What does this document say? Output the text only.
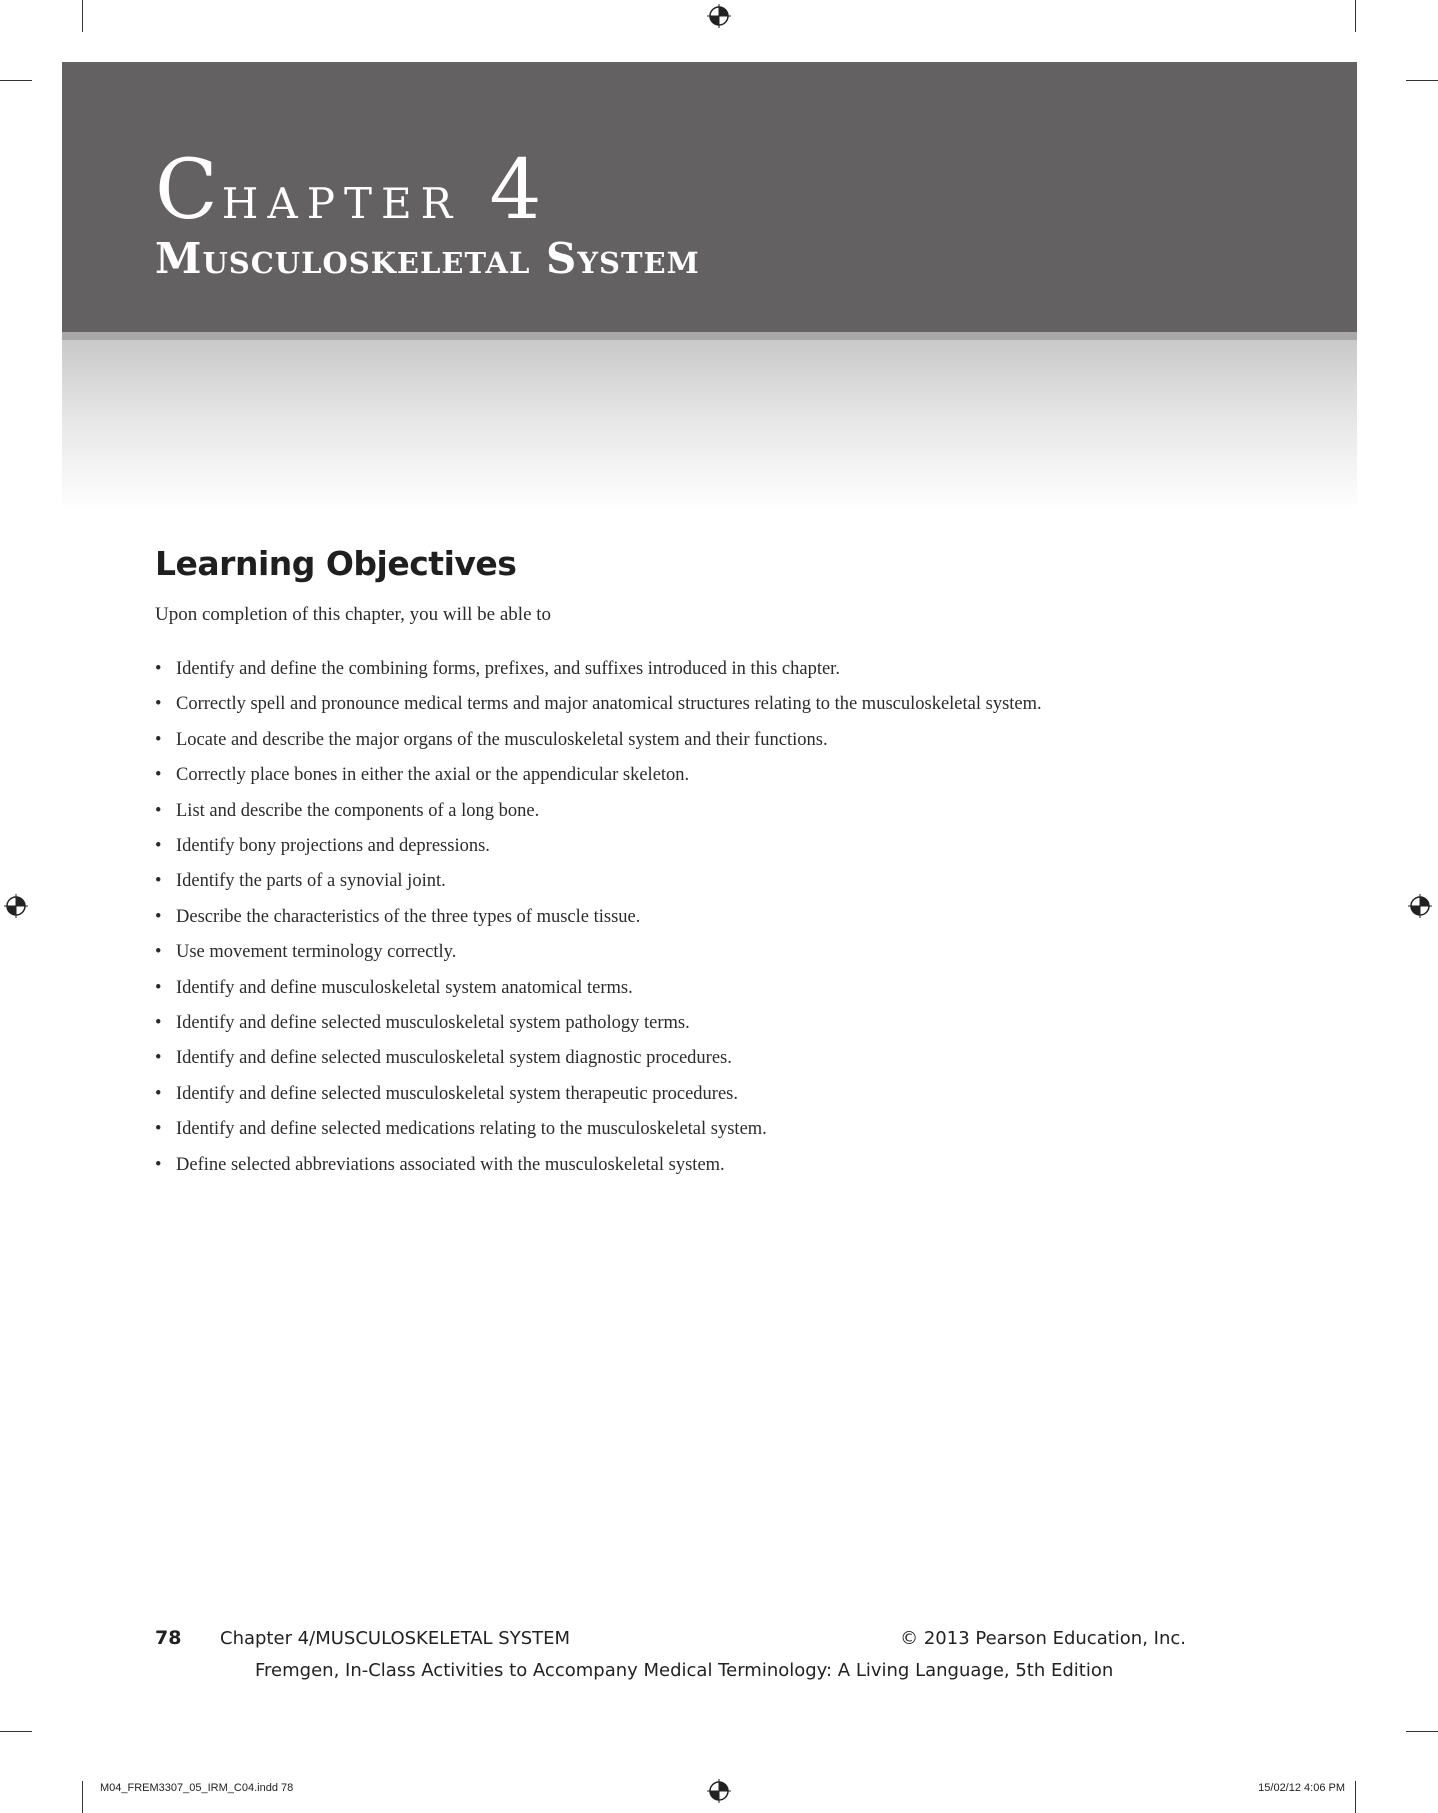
Chapter 4
Musculoskeletal System
Learning Objectives

Upon completion of this chapter, you will be able to

• Identify and define the combining forms, prefixes, and suffixes introduced in this chapter.
• Correctly spell and pronounce medical terms and major anatomical structures relating to the musculoskeletal system.
• Locate and describe the major organs of the musculoskeletal system and their functions.
• Correctly place bones in either the axial or the appendicular skeleton.
• List and describe the components of a long bone.
• Identify bony projections and depressions.
• Identify the parts of a synovial joint.
• Describe the characteristics of the three types of muscle tissue.
• Use movement terminology correctly.
• Identify and define musculoskeletal system anatomical terms.
• Identify and define selected musculoskeletal system pathology terms.
• Identify and define selected musculoskeletal system diagnostic procedures.
• Identify and define selected musculoskeletal system therapeutic procedures.
• Identify and define selected medications relating to the musculoskeletal system.
• Define selected abbreviations associated with the musculoskeletal system.
78 Chapter 4/MUSCULOSKELETAL SYSTEM	© 2013 Pearson Education, Inc.
Fremgen, In-Class Activities to Accompany Medical Terminology: A Living Language, 5th Edition
M04_FREM3307_05_IRM_C04.indd 78	15/02/12 4:06 PM
